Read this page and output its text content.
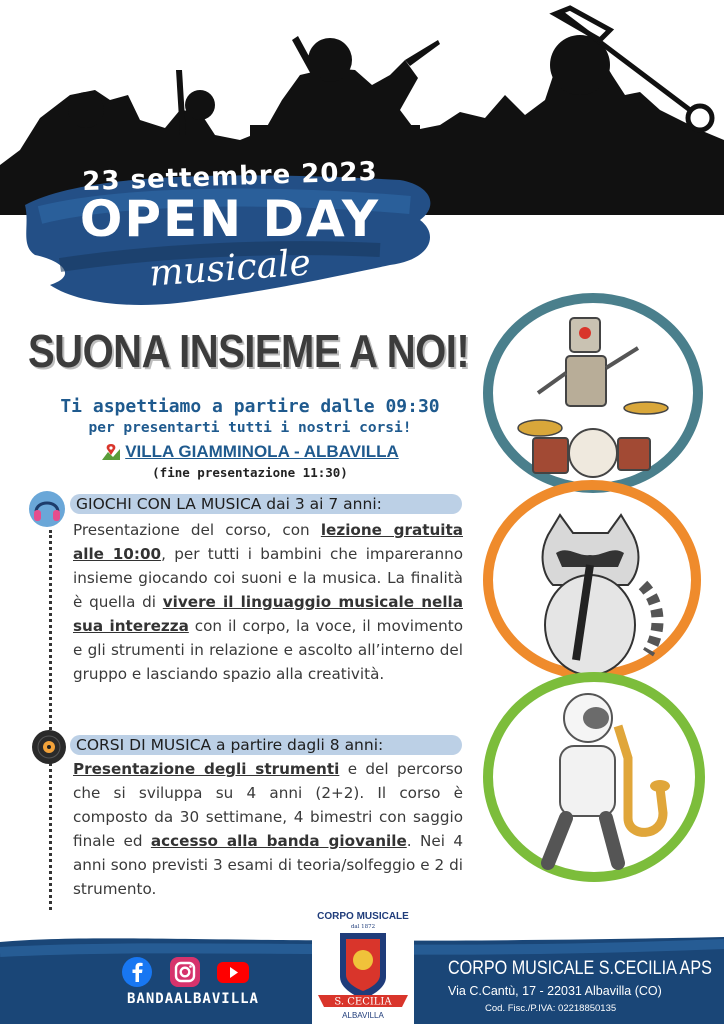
23 settembre 2023
OPEN DAY
musicale
SUONA INSIEME A NOI!
Ti aspettiamo a partire dalle 09:30
per presentarti tutti i nostri corsi!
VILLA GIAMMINOLA - ALBAVILLA
(fine presentazione 11:30)
GIOCHI CON LA MUSICA dai 3 ai 7 anni:
Presentazione del corso, con lezione gratuita alle 10:00, per tutti i bambini che impareranno insieme giocando coi suoni e la musica. La finalità è quella di vivere il linguaggio musicale nella sua interezza con il corpo, la voce, il movimento e gli strumenti in relazione e ascolto all’interno del gruppo e lasciando spazio alla creatività.
CORSI DI MUSICA a partire dagli 8 anni:
Presentazione degli strumenti e del percorso che si sviluppa su 4 anni (2+2). Il corso è composto da 30 settimane, 4 bimestri con saggio finale ed accesso alla banda giovanile. Nei 4 anni sono previsti 3 esami di teoria/solfeggio e 2 di strumento.
BANDAALBAVILLA
CORPO MUSICALE
dal 1872
S. CECILIA
ALBAVILLA
CORPO MUSICALE S.CECILIA APS
Via C.Cantù, 17 - 22031 Albavilla (CO)
Cod. Fisc./P.IVA: 02218850135
